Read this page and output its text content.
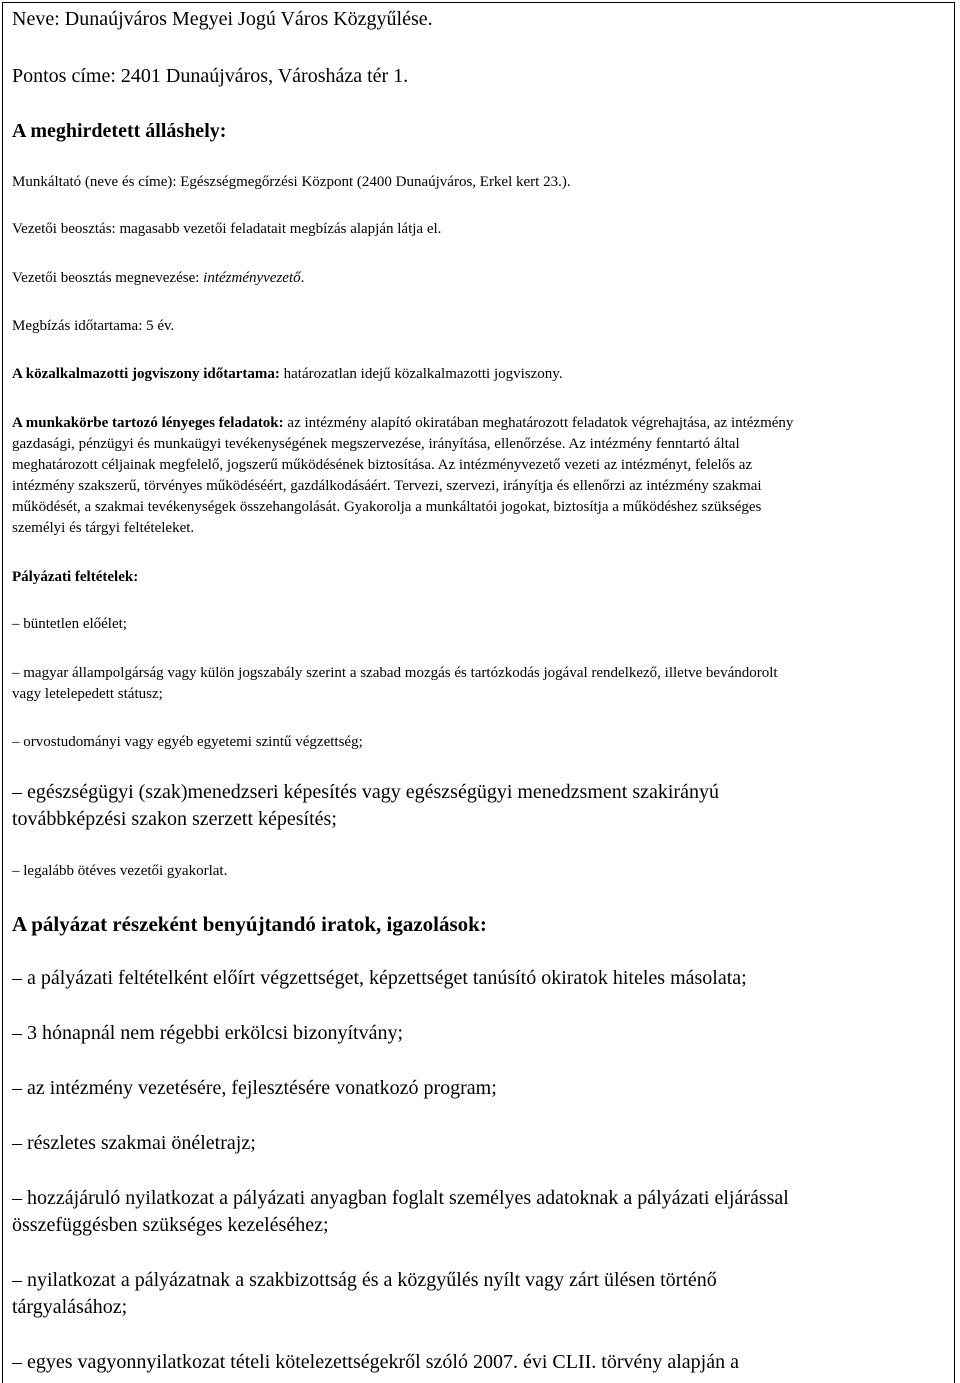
Neve: Dunaújváros Megyei Jogú Város Közgyűlése.

Pontos címe: 2401 Dunaújváros, Városháza tér 1.

A meghirdetett álláshely:

Munkáltató (neve és címe): Egészségmegőrzési Központ (2400 Dunaújváros, Erkel kert 23.).

Vezetői beosztás: magasabb vezetői feladatait megbízás alapján látja el.

Vezetői beosztás megnevezése: intézményvezető.

Megbízás időtartama: 5 év.

A közalkalmazotti jogviszony időtartama: határozatlan idejű közalkalmazotti jogviszony.

A munkakörbe tartozó lényeges feladatok: az intézmény alapító okiratában meghatározott feladatok végrehajtása, az intézmény

gazdasági, pénzügyi és munkaügyi tevékenységének megszervezése, irányítása, ellenőrzése. Az intézmény fenntartó által

meghatározott céljainak megfelelő, jogszerű működésének biztosítása. Az intézményvezető vezeti az intézményt, felelős az

intézmény szakszerű, törvényes működéséért, gazdálkodásáért. Tervezi, szervezi, irányítja és ellenőrzi az intézmény szakmai

működését, a szakmai tevékenységek összehangolását. Gyakorolja a munkáltatói jogokat, biztosítja a működéshez szükséges

személyi és tárgyi feltételeket.

Pályázati feltételek:

– büntetlen előélet;

– magyar állampolgárság vagy külön jogszabály szerint a szabad mozgás és tartózkodás jogával rendelkező, illetve bevándorolt

vagy letelepedett státusz;

– orvostudományi vagy egyéb egyetemi szintű végzettség;

– egészségügyi (szak)menedzseri képesítés vagy egészségügyi menedzsment szakirányú

továbbképzési szakon szerzett képesítés;

– legalább ötéves vezetői gyakorlat.

A pályázat részeként benyújtandó iratok, igazolások:

– a pályázati feltételként előírt végzettséget, képzettséget tanúsító okiratok hiteles másolata;

– 3 hónapnál nem régebbi erkölcsi bizonyítvány;

– az intézmény vezetésére, fejlesztésére vonatkozó program;

– részletes szakmai önéletrajz;

– hozzájáruló nyilatkozat a pályázati anyagban foglalt személyes adatoknak a pályázati eljárással

összefüggésben szükséges kezeléséhez;

– nyilatkozat a pályázatnak a szakbizottság és a közgyűlés nyílt vagy zárt ülésen történő

tárgyalásához;

– egyes vagyonnyilatkozat tételi kötelezettségekről szóló 2007. évi CLII. törvény alapján a
